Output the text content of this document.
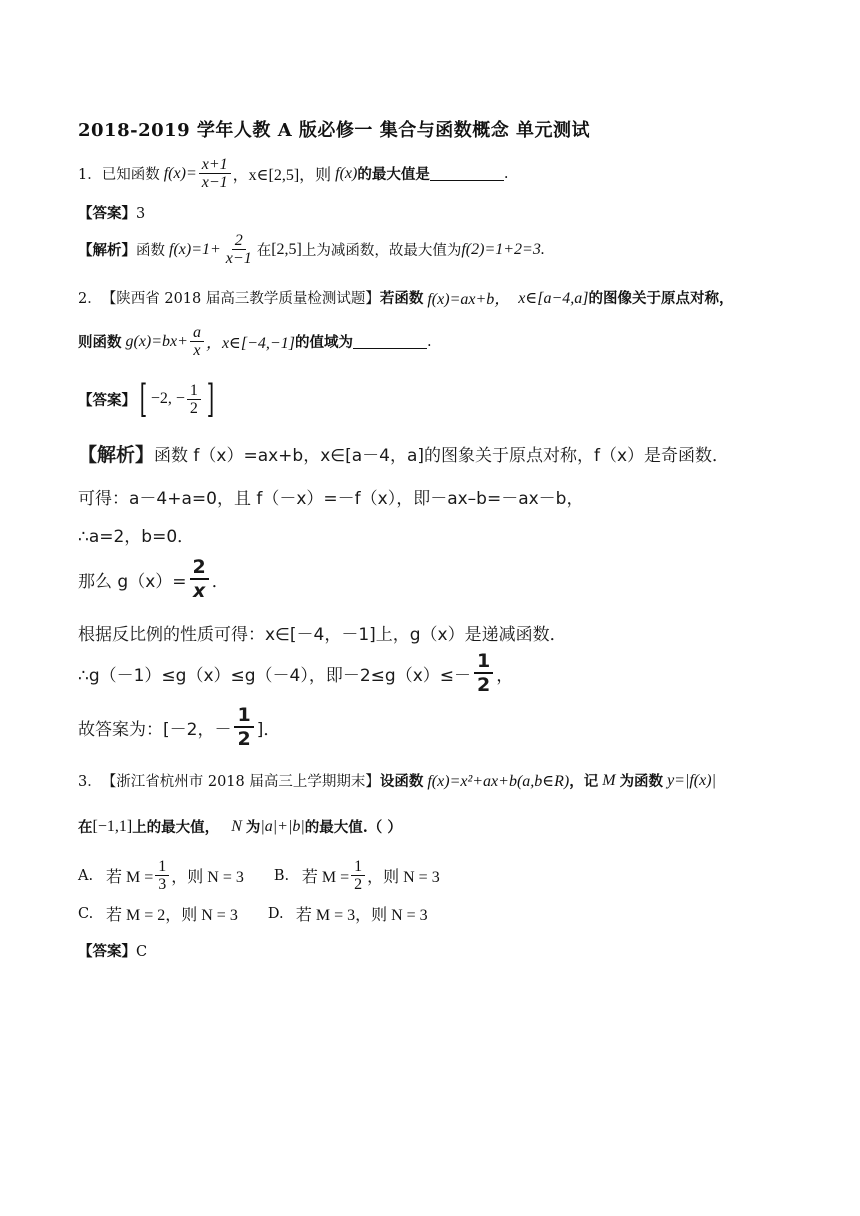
2018-2019 学年人教 A 版必修一 集合与函数概念 单元测试
1． 已知函数 $f(x)= \frac{x+1}{x-1}$ ，x∈[2,5]，则 f(x) 的最大值是	.
【答案】3
【解析】 函数 $f(x)=1+ \frac{2}{x-1}$ 在 [2,5] 上为减函数，故最大值为 f(2)=1+2=3.
2． 【陕西省 2018 届高三教学质量检测试题】 若函数 f(x)=ax+b， x∈[a−4,a] 的图像关于原点对称，
则函数 $g(x)=bx+ \frac{a}{x}$ ，x∈[−4,−1] 的值域为	.
【答案】 [ −2, − $\frac{1}{2}$ ]
【解析】函数 f（x）=ax+b，x∈[a－4，a]的图象关于原点对称，f（x）是奇函数．
可得：a－4+a=0，且 f（－x）=－f（x），即－ax–b=－ax－b，
∴a=2，b=0．
那么 $g(x)= \frac{2}{x}$ ．
根据反比例的性质可得：x∈[－4，－1]上，g（x）是递减函数．
∴g（－1）≤g（x）≤g（－4），即$-2\le g(x)\le- \frac{1}{2}$ ，
故答案为：[－2，－ $\frac{1}{2}$ ]．
3． 【浙江省杭州市 2018 届高三上学期期末】 设函数 f(x)=x²+ax+b(a,b∈R) ，记 M 为函数 y=|f(x)|
在 [−1,1] 上的最大值， N 为 |a|+|b| 的最大值.（ ）
A. 若 $M = \frac{1}{3}$ ，则 N = 3 B. 若 $M = \frac{1}{2}$ ，则 N = 3
C. 若 M = 2，则 N = 3 D. 若 M = 3，则 N = 3
【答案】C
